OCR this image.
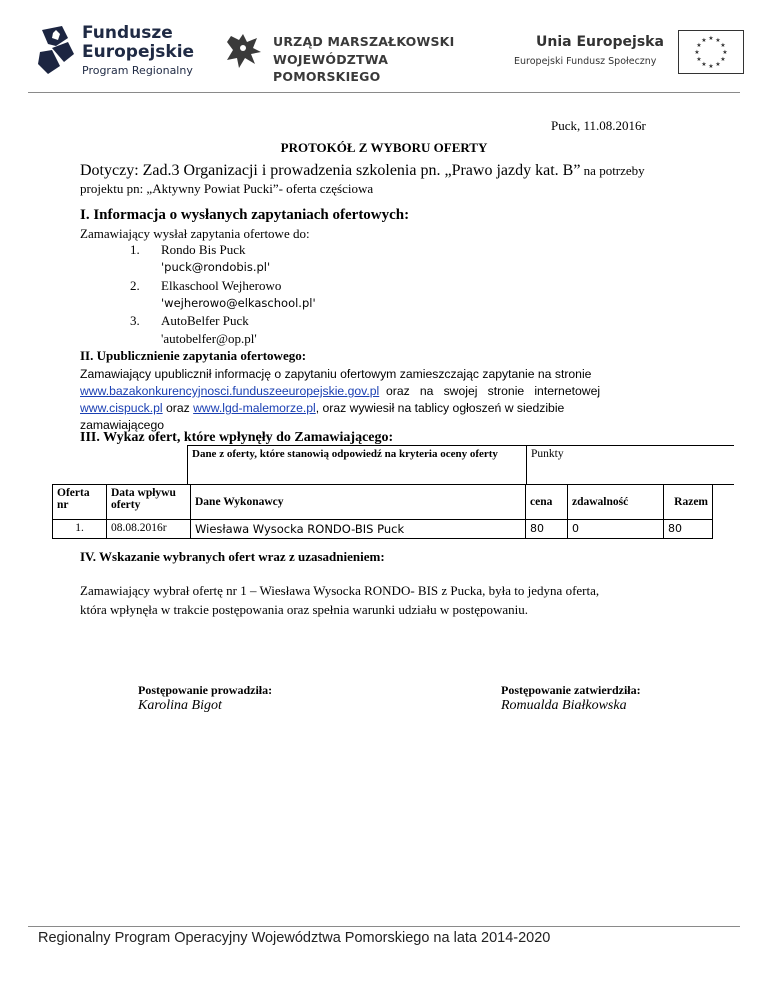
Fundusze
Europejskie
Program Regionalny
URZĄD MARSZAŁKOWSKI
WOJEWÓDZTWA POMORSKIEGO
Unia Europejska
Europejski Fundusz Społeczny
★ ★
★
★
★
★
★
★
★
★
★
★
Puck, 11.08.2016r
PROTOKÓŁ Z WYBORU OFERTY
Dotyczy: Zad.3 Organizacji i prowadzenia szkolenia pn. „Prawo jazdy kat. B” na potrzeby
projektu pn: „Aktywny Powiat Pucki”- oferta częściowa
I. Informacja o wysłanych zapytaniach ofertowych:
Zamawiający wysłał zapytania ofertowe do:
1. Rondo Bis Puck
'puck@rondobis.pl'
2. Elkaschool Wejherowo
'wejherowo@elkaschool.pl'
3. AutoBelfer Puck
'autobelfer@op.pl'
II. Upublicznienie zapytania ofertowego:
Zamawiający upublicznił informację o zapytaniu ofertowym zamieszczając zapytanie na stronie
www.bazakonkurencyjnosci.funduszeeuropejskie.gov.pl  oraz   na   swojej   stronie   internetowej
www.cispuck.pl oraz www.lgd-malemorze.pl, oraz wywiesił na tablicy ogłoszeń w siedzibie
zamawiającego
III. Wykaz ofert, które wpłynęły do Zamawiającego:
Dane z oferty, które stanowią odpowiedź na kryteria oceny oferty	Punkty
Oferta nr	Data wpływu oferty	Dane Wykonawcy	cena	zdawalność	Razem
1.	08.08.2016r	Wiesława Wysocka RONDO-BIS Puck	80	0	80
IV. Wskazanie wybranych ofert wraz z uzasadnieniem:
Zamawiający wybrał ofertę nr 1 – Wiesława Wysocka RONDO- BIS z Pucka, była to jedyna oferta,
która wpłynęła w trakcie postępowania oraz spełnia warunki udziału w postępowaniu.
Postępowanie prowadziła:
Karolina Bigot
Postępowanie zatwierdziła:
Romualda Białkowska
Regionalny Program Operacyjny Województwa Pomorskiego na lata 2014-2020
